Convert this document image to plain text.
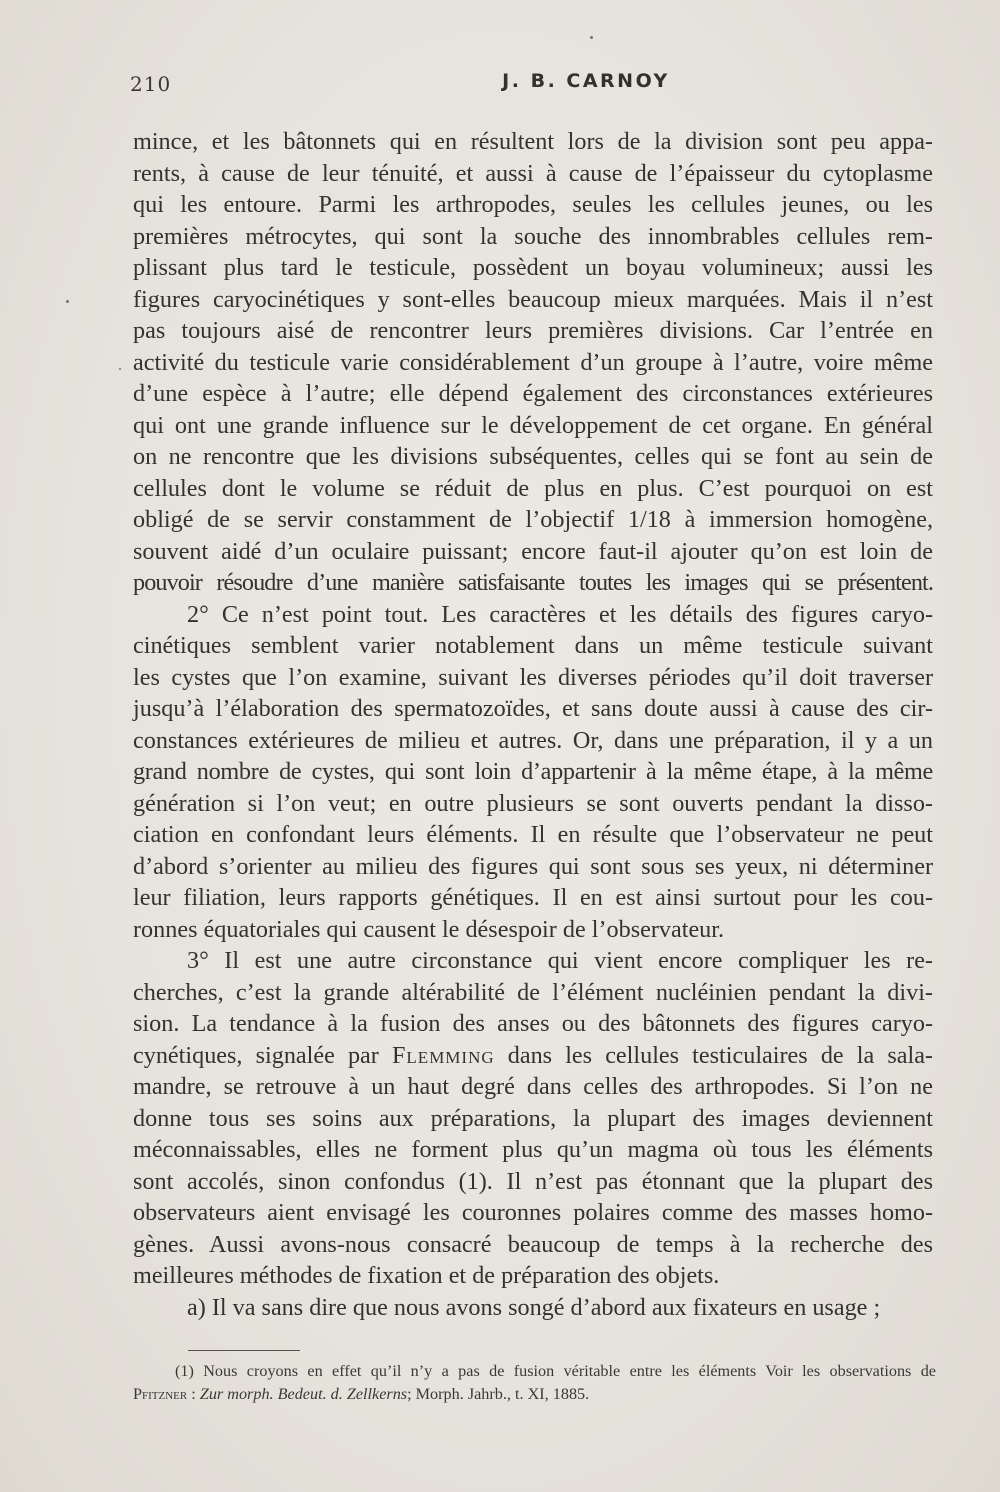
210	J. B. CARNOY
mince, et les bâtonnets qui en résultent lors de la division sont peu appa-
rents, à cause de leur ténuité, et aussi à cause de l’épaisseur du cytoplasme
qui les entoure. Parmi les arthropodes, seules les cellules jeunes, ou les
premières métrocytes, qui sont la souche des innombrables cellules rem-
plissant plus tard le testicule, possèdent un boyau volumineux; aussi les
figures caryocinétiques y sont-elles beaucoup mieux marquées. Mais il n’est
pas toujours aisé de rencontrer leurs premières divisions. Car l’entrée en
activité du testicule varie considérablement d’un groupe à l’autre, voire même
d’une espèce à l’autre; elle dépend également des circonstances extérieures
qui ont une grande influence sur le développement de cet organe. En général
on ne rencontre que les divisions subséquentes, celles qui se font au sein de
cellules dont le volume se réduit de plus en plus. C’est pourquoi on est
obligé de se servir constamment de l’objectif 1/18 à immersion homogène,
souvent aidé d’un oculaire puissant; encore faut-il ajouter qu’on est loin de
pouvoir résoudre d’une manière satisfaisante toutes les images qui se présentent.
2° Ce n’est point tout. Les caractères et les détails des figures caryo-
cinétiques semblent varier notablement dans un même testicule suivant
les cystes que l’on examine, suivant les diverses périodes qu’il doit traverser
jusqu’à l’élaboration des spermatozoïdes, et sans doute aussi à cause des cir-
constances extérieures de milieu et autres. Or, dans une préparation, il y a un
grand nombre de cystes, qui sont loin d’appartenir à la même étape, à la même
génération si l’on veut; en outre plusieurs se sont ouverts pendant la disso-
ciation en confondant leurs éléments. Il en résulte que l’observateur ne peut
d’abord s’orienter au milieu des figures qui sont sous ses yeux, ni déterminer
leur filiation, leurs rapports génétiques. Il en est ainsi surtout pour les cou-
ronnes équatoriales qui causent le désespoir de l’observateur.
3° Il est une autre circonstance qui vient encore compliquer les re-
cherches, c’est la grande altérabilité de l’élément nucléinien pendant la divi-
sion. La tendance à la fusion des anses ou des bâtonnets des figures caryo-
cynétiques, signalée par Flemming dans les cellules testiculaires de la sala-
mandre, se retrouve à un haut degré dans celles des arthropodes. Si l’on ne
donne tous ses soins aux préparations, la plupart des images deviennent
méconnaissables, elles ne forment plus qu’un magma où tous les éléments
sont accolés, sinon confondus (1). Il n’est pas étonnant que la plupart des
observateurs aient envisagé les couronnes polaires comme des masses homo-
gènes. Aussi avons-nous consacré beaucoup de temps à la recherche des
meilleures méthodes de fixation et de préparation des objets.
a) Il va sans dire que nous avons songé d’abord aux fixateurs en usage ;
(1) Nous croyons en effet qu’il n’y a pas de fusion véritable entre les éléments Voir les observations de
Pfitzner : Zur morph. Bedeut. d. Zellkerns; Morph. Jahrb., t. XI, 1885.
